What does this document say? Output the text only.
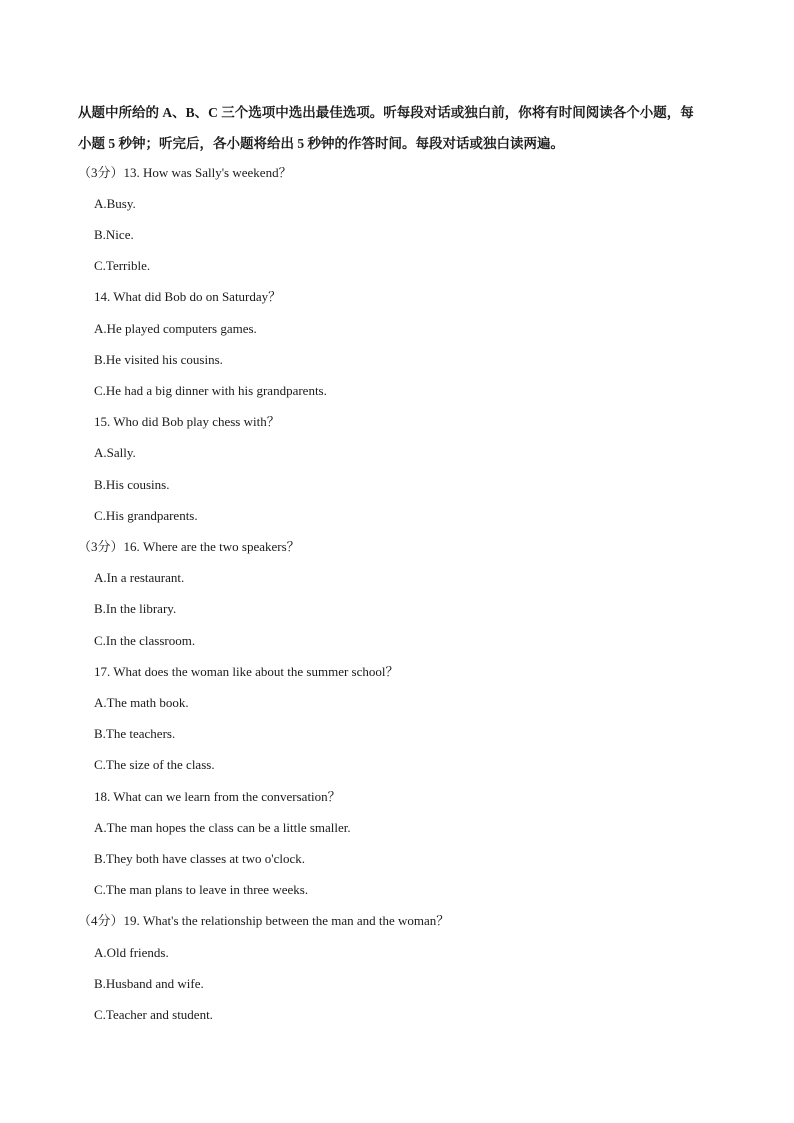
从题中所给的 A、B、C 三个选项中选出最佳选项。听每段对话或独白前，你将有时间阅读各个小题，每
小题 5 秒钟；听完后，各小题将给出 5 秒钟的作答时间。每段对话或独白读两遍。

（3分）13. How was Sally's weekend？
A.Busy.
B.Nice.
C.Terrible.
14. What did Bob do on Saturday？
A.He played computers games.
B.He visited his cousins.
C.He had a big dinner with his grandparents.
15. Who did Bob play chess with？
A.Sally.
B.His cousins.
C.His grandparents.
（3分）16. Where are the two speakers？
A.In a restaurant.
B.In the library.
C.In the classroom.
17. What does the woman like about the summer school？
A.The math book.
B.The teachers.
C.The size of the class.
18. What can we learn from the conversation？
A.The man hopes the class can be a little smaller.
B.They both have classes at two o'clock.
C.The man plans to leave in three weeks.
（4分）19. What's the relationship between the man and the woman？
A.Old friends.
B.Husband and wife.
C.Teacher and student.
